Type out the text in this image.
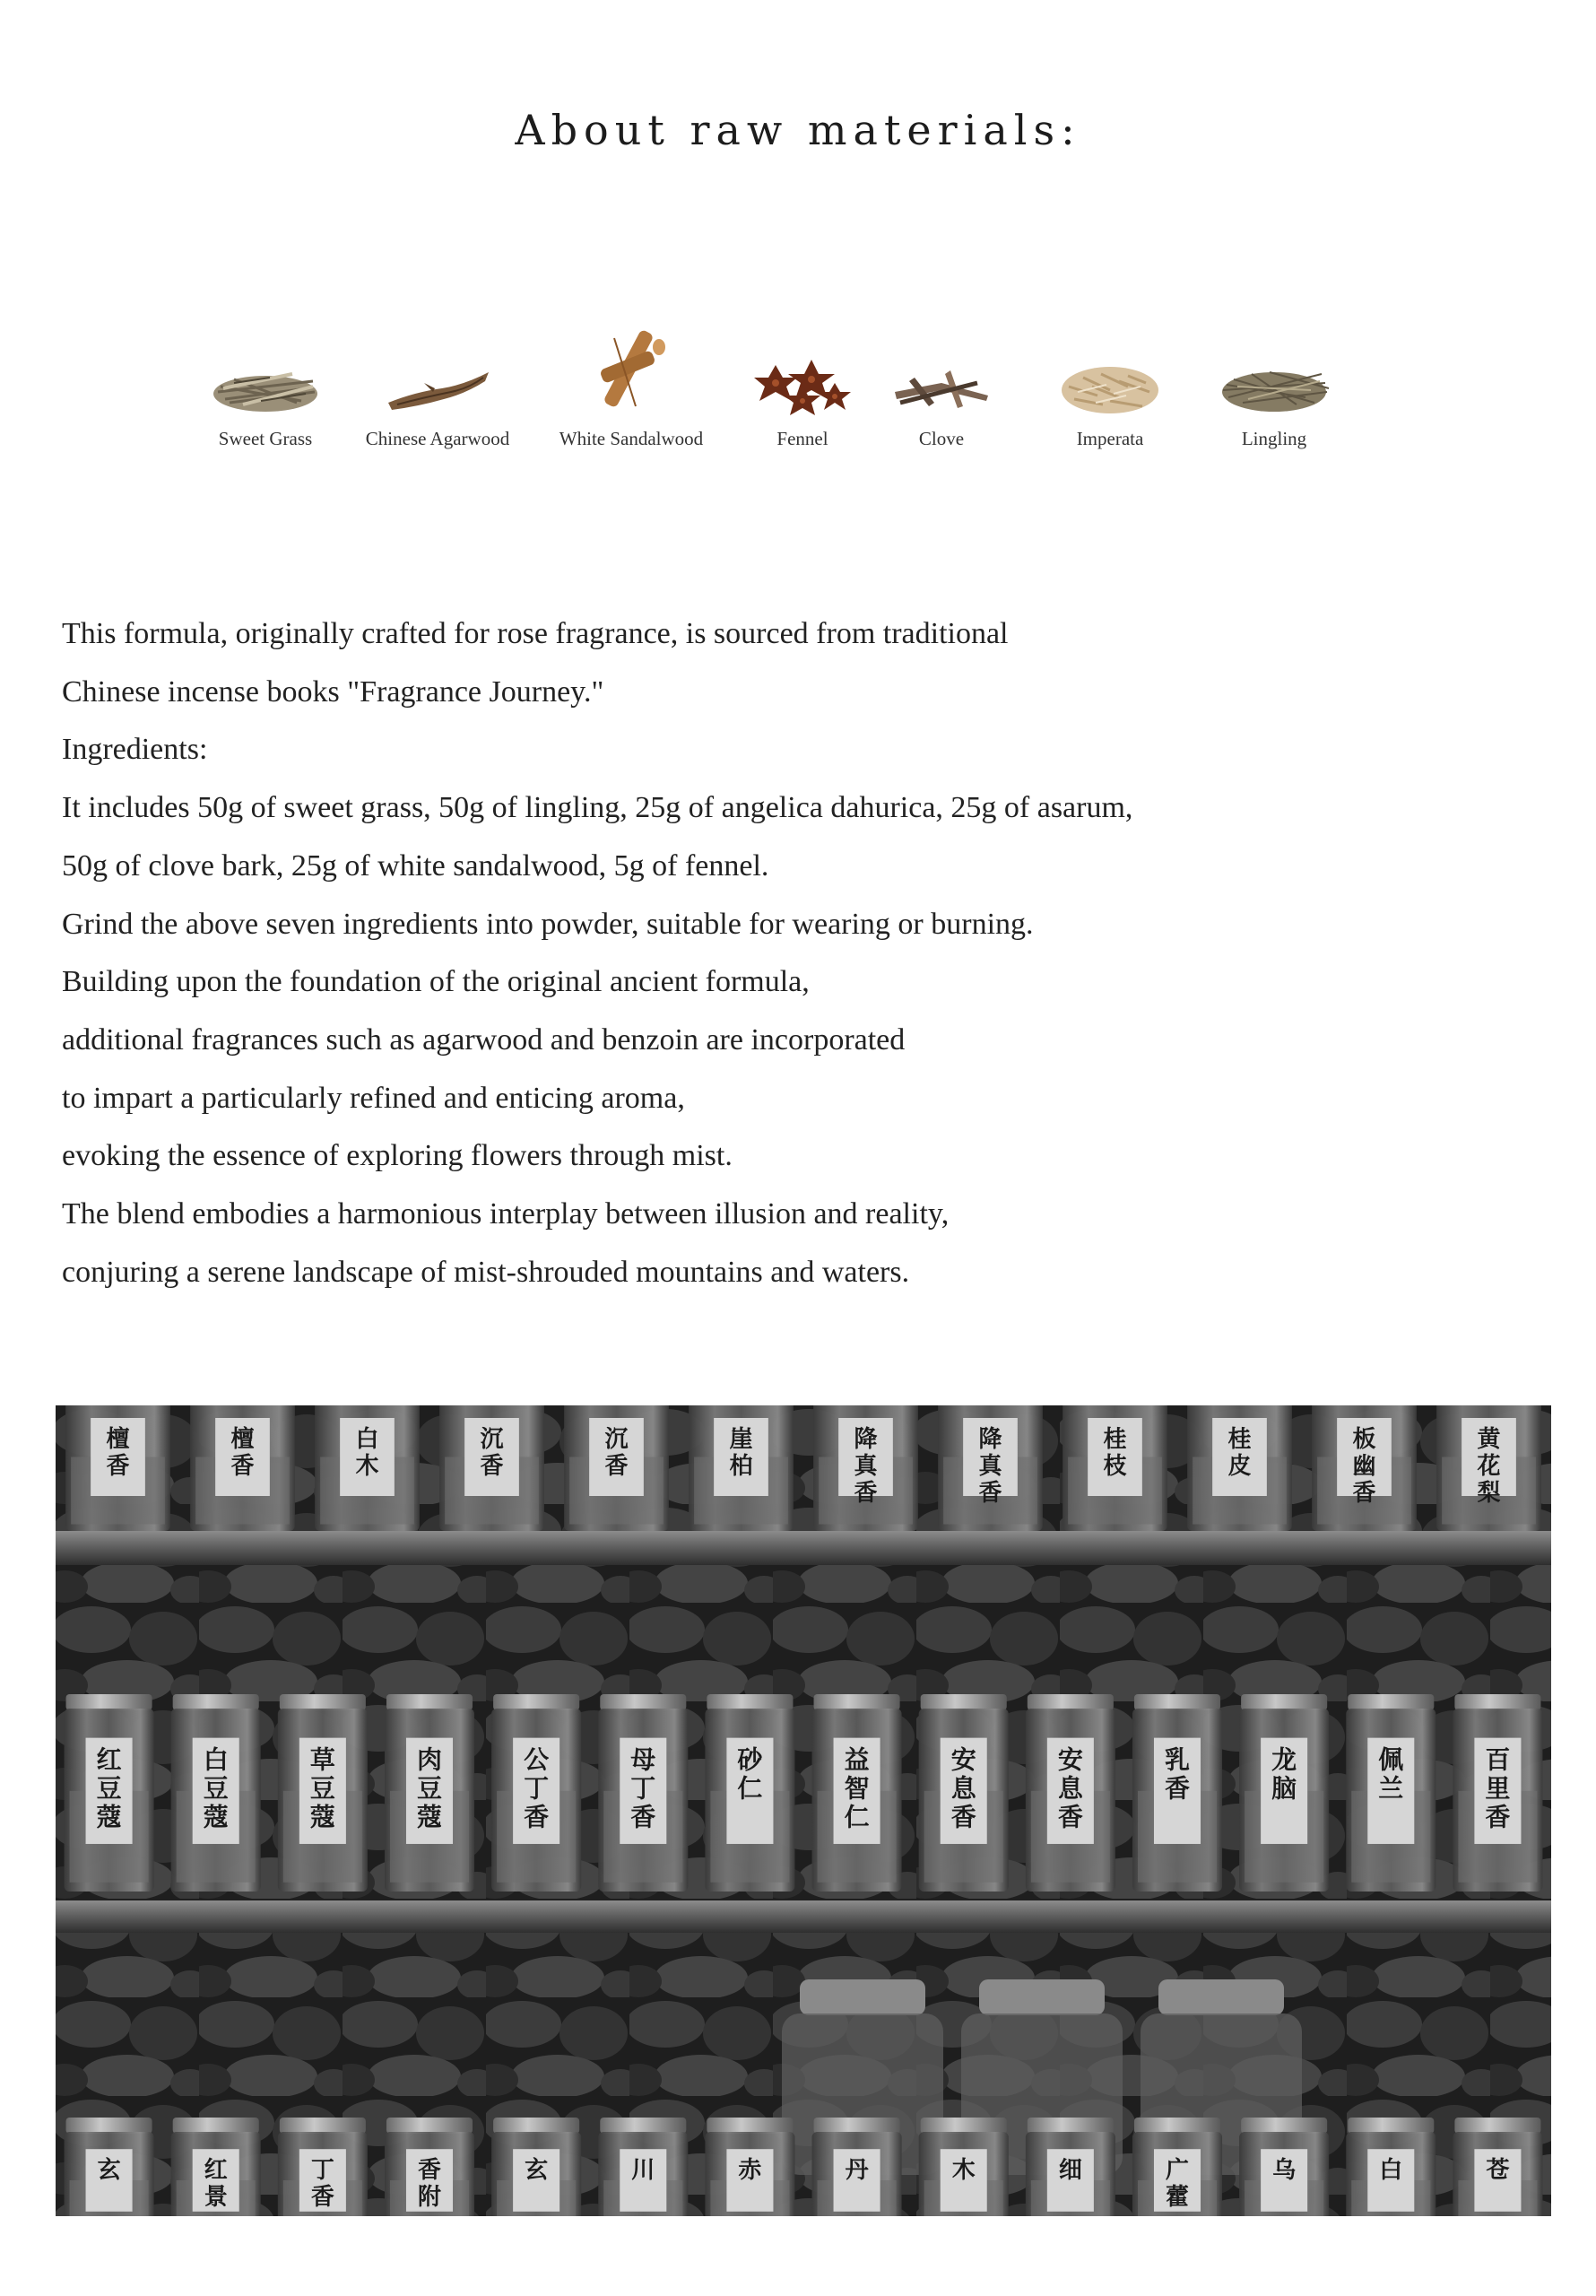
About raw materials:
Sweet Grass	Chinese Agarwood	White Sandalwood	Fennel	Clove	Imperata	Lingling
This formula, originally crafted for rose fragrance, is sourced from traditional
Chinese incense books "Fragrance Journey."
Ingredients:
It includes 50g of sweet grass, 50g of lingling, 25g of angelica dahurica, 25g of asarum,
50g of clove bark, 25g of white sandalwood, 5g of fennel.
Grind the above seven ingredients into powder, suitable for wearing or burning.
Building upon the foundation of the original ancient formula,
additional fragrances such as agarwood and benzoin are incorporated
to impart a particularly refined and enticing aroma,
evoking the essence of exploring flowers through mist.
The blend embodies a harmonious interplay between illusion and reality,
conjuring a serene landscape of mist-shrouded mountains and waters.
檀
香
檀
香
白
木
沉
香
沉
香
崖
柏
降
真
香
降
真
香
桂
枝
桂
皮
板
幽
香
黄
花
梨
红
豆
蔻
白
豆
蔻
草
豆
蔻
肉
豆
蔻
公
丁
香
母
丁
香
砂
仁
益
智
仁
安
息
香
安
息
香
乳
香
龙
脑
佩
兰
百
里
香
玄	红
景
丁
香
香
附
玄	川	赤	丹	木	细	广
藿
乌	白	苍
